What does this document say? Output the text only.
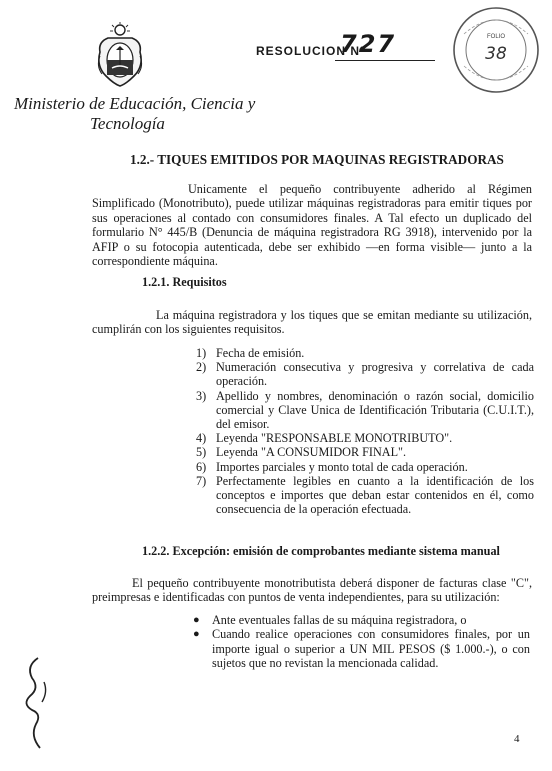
RESOLUCION Nº
727	FOLIO
38
Ministerio de Educación, Ciencia y
Tecnología
1.2.- TIQUES EMITIDOS POR MAQUINAS REGISTRADORAS
Unicamente el pequeño contribuyente adherido al Régimen Simplificado (Monotributo), puede utilizar máquinas registradoras para emitir tiques por sus operaciones al contado con consumidores finales. A Tal efecto un duplicado del formulario N° 445/B (Denuncia de máquina registradora RG 3918), intervenido por la AFIP o su fotocopia autenticada, debe ser exhibido —en forma visible— junto a la correspondiente máquina.
1.2.1. Requisitos
La máquina registradora y los tiques que se emitan mediante su utilización, cumplirán con los siguientes requisitos.
1) Fecha de emisión.
2) Numeración consecutiva y progresiva y correlativa de cada operación.
3) Apellido y nombres, denominación o razón social, domicilio comercial y Clave Unica de Identificación Tributaria (C.U.I.T.), del emisor.
4) Leyenda "RESPONSABLE MONOTRIBUTO".
5) Leyenda "A CONSUMIDOR FINAL".
6) Importes parciales y monto total de cada operación.
7) Perfectamente legibles en cuanto a la identificación de los conceptos e importes que deban estar contenidos en él, como consecuencia de la operación efectuada.
1.2.2. Excepción: emisión de comprobantes mediante sistema manual
El pequeño contribuyente monotributista deberá disponer de facturas clase "C", preimpresas e identificadas con puntos de venta independientes, para su utilización:
● Ante eventuales fallas de su máquina registradora, o
● Cuando realice operaciones con consumidores finales, por un importe igual o superior a UN MIL PESOS ($ 1.000.-), o con sujetos que no revistan la mencionada calidad.
4
